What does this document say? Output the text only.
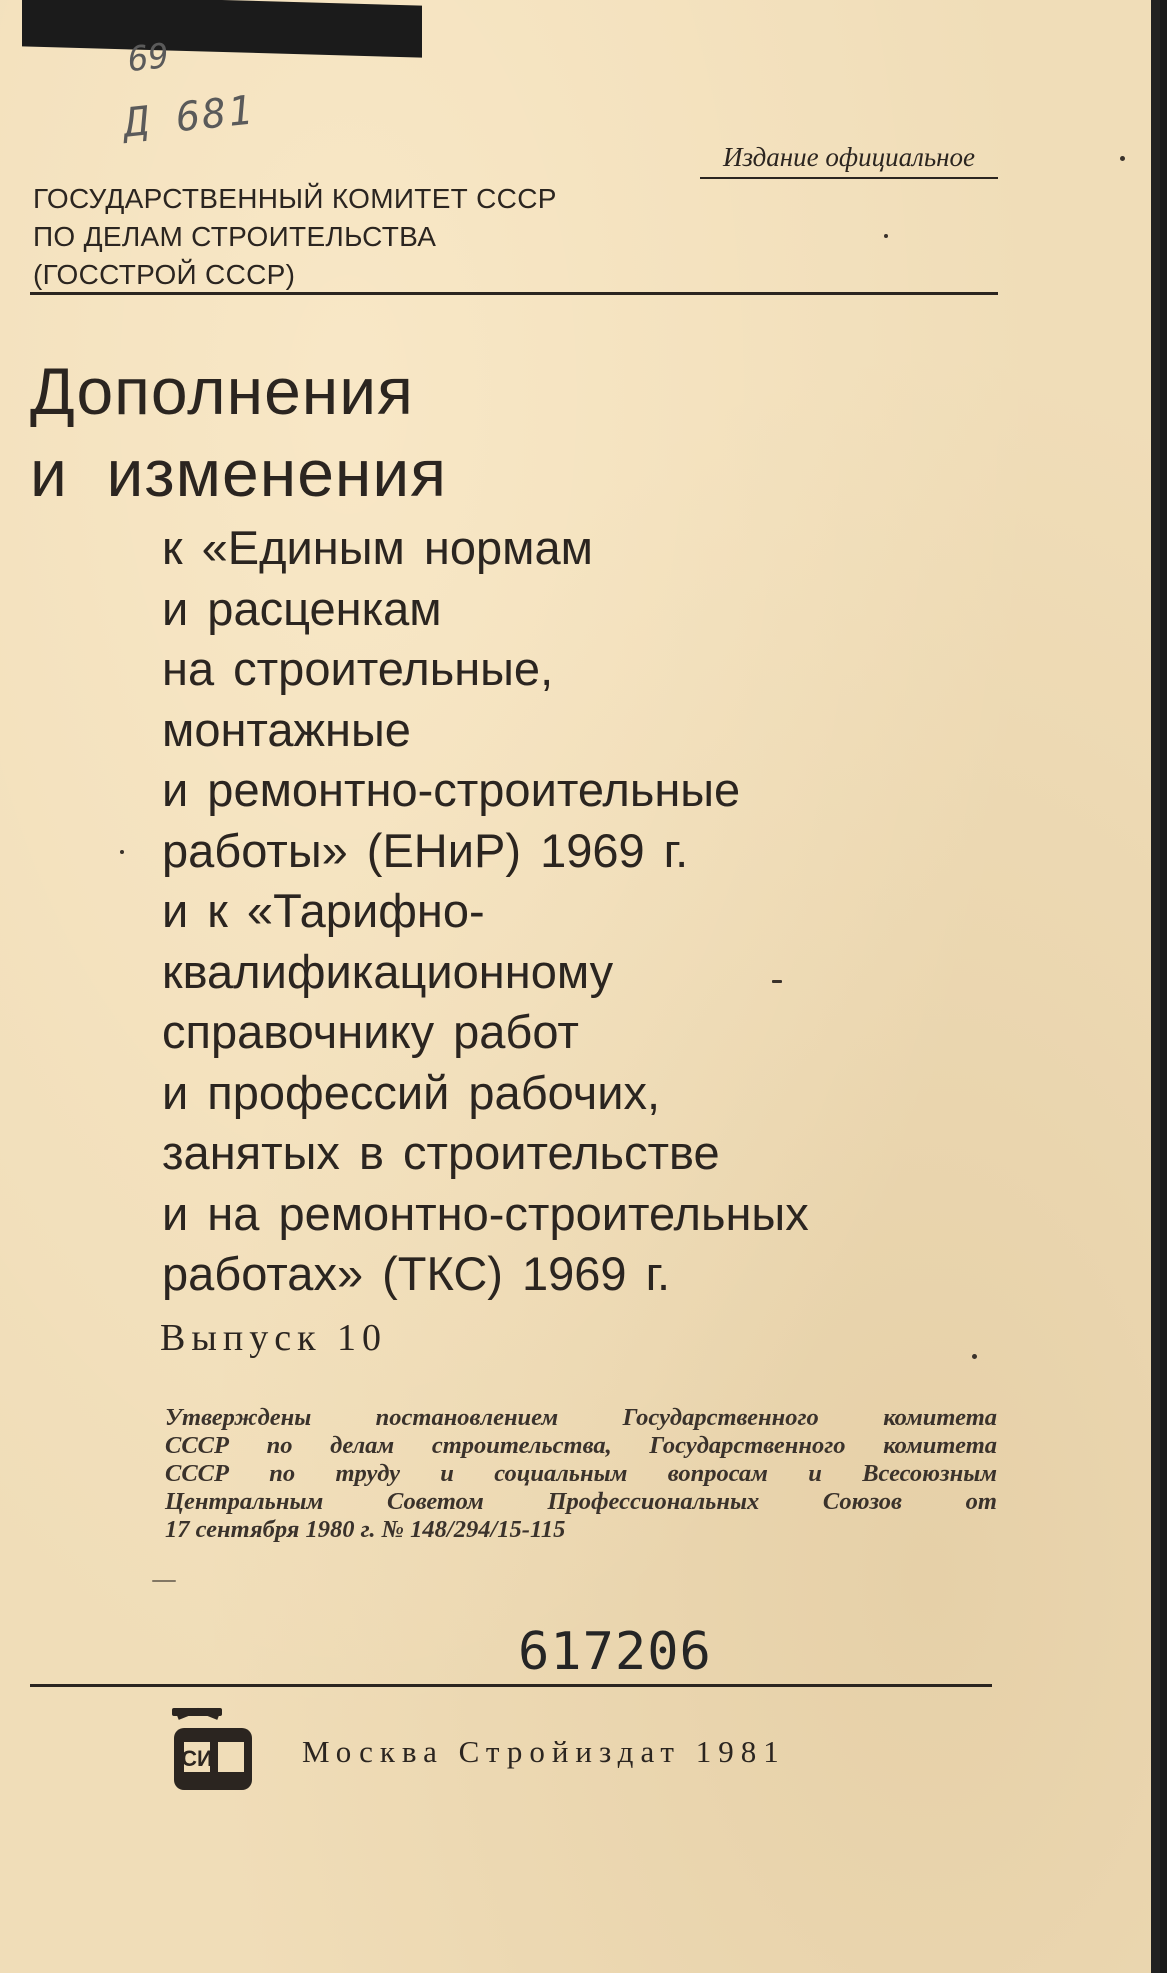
69
Д 681
Издание официальное
ГОСУДАРСТВЕННЫЙ КОМИТЕТ СССР
ПО ДЕЛАМ СТРОИТЕЛЬСТВА
(ГОССТРОЙ СССР)
Дополнения
и  изменения
к «Единым нормам
и расценкам
на строительные,
монтажные
и ремонтно-строительные
работы» (ЕНиР) 1969 г.
и к «Тарифно-
квалификационному
справочнику работ
и профессий рабочих,
занятых в строительстве
и на ремонтно-строительных
работах» (ТКС) 1969 г.
Выпуск 10
Утверждены постановлением Государственного комитета
СССР по делам строительства, Государственного комитета
СССР по труду и социальным вопросам и Всесоюзным
Центральным Советом Профессиональных Союзов от
17 сентября 1980 г. № 148/294/15-115
617206
СИ	Москва Стройиздат 1981
